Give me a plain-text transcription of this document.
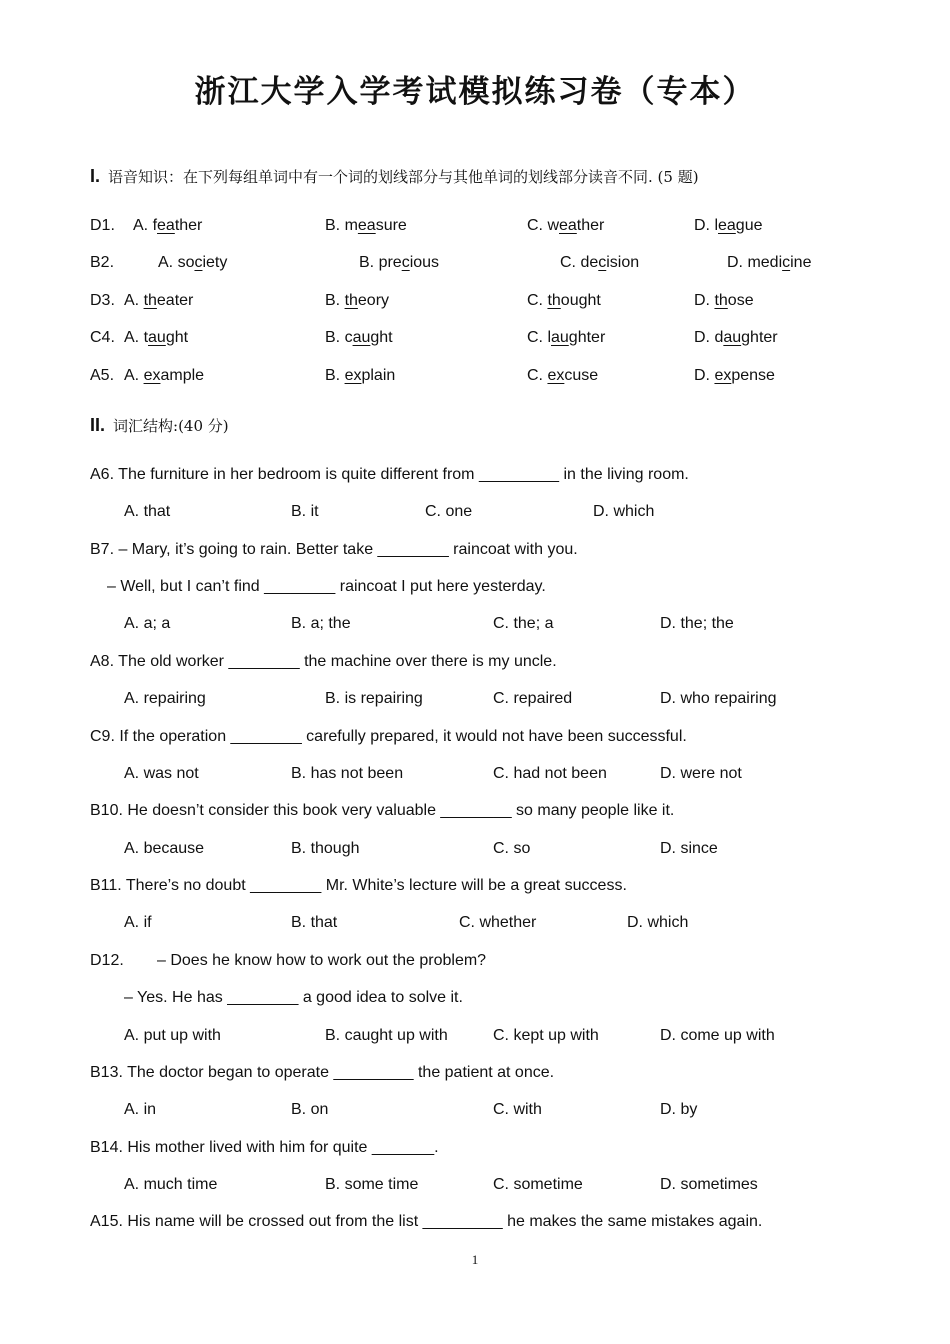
浙江大学入学考试模拟练习卷（专本）
I. 语音知识：在下列每组单词中有一个词的划线部分与其他单词的划线部分读音不同. (5 题)
D1. A. feather	B. measure	C. weather	D. league
B2.	A. society	B. precious	C. decision	D. medicine
D3. A. theater	B. theory	C. thought	D. those
C4. A. taught	B. caught	C. laughter	D. daughter
A5. A. example	B. explain	C. excuse	D. expense
II. 词汇结构:(40 分)
A6. The furniture in her bedroom is quite different from _________ in the living room.
A. that	B. it	C. one	D. which
B7. – Mary, it’s going to rain. Better take ________ raincoat with you.
– Well, but I can’t find ________ raincoat I put here yesterday.
A. a; a	B. a; the	C. the; a	D. the; the
A8. The old worker ________ the machine over there is my uncle.
A. repairing	B. is repairing	C. repaired	D. who repairing
C9. If the operation ________ carefully prepared, it would not have been successful.
A. was not	B. has not been	C. had not been	D. were not
B10. He doesn’t consider this book very valuable ________ so many people like it.
A. because	B. though	C. so	D. since
B11. There’s no doubt ________ Mr. White’s lecture will be a great success.
A. if	B. that	C. whether	D. which
D12. – Does he know how to work out the problem?
– Yes. He has ________ a good idea to solve it.
A. put up with	B. caught up with	C. kept up with	D. come up with
B13. The doctor began to operate _________ the patient at once.
A. in	B. on	C. with	D. by
B14. His mother lived with him for quite _______.
A. much time	B. some time	C. sometime	D. sometimes
A15. His name will be crossed out from the list _________ he makes the same mistakes again.
1
